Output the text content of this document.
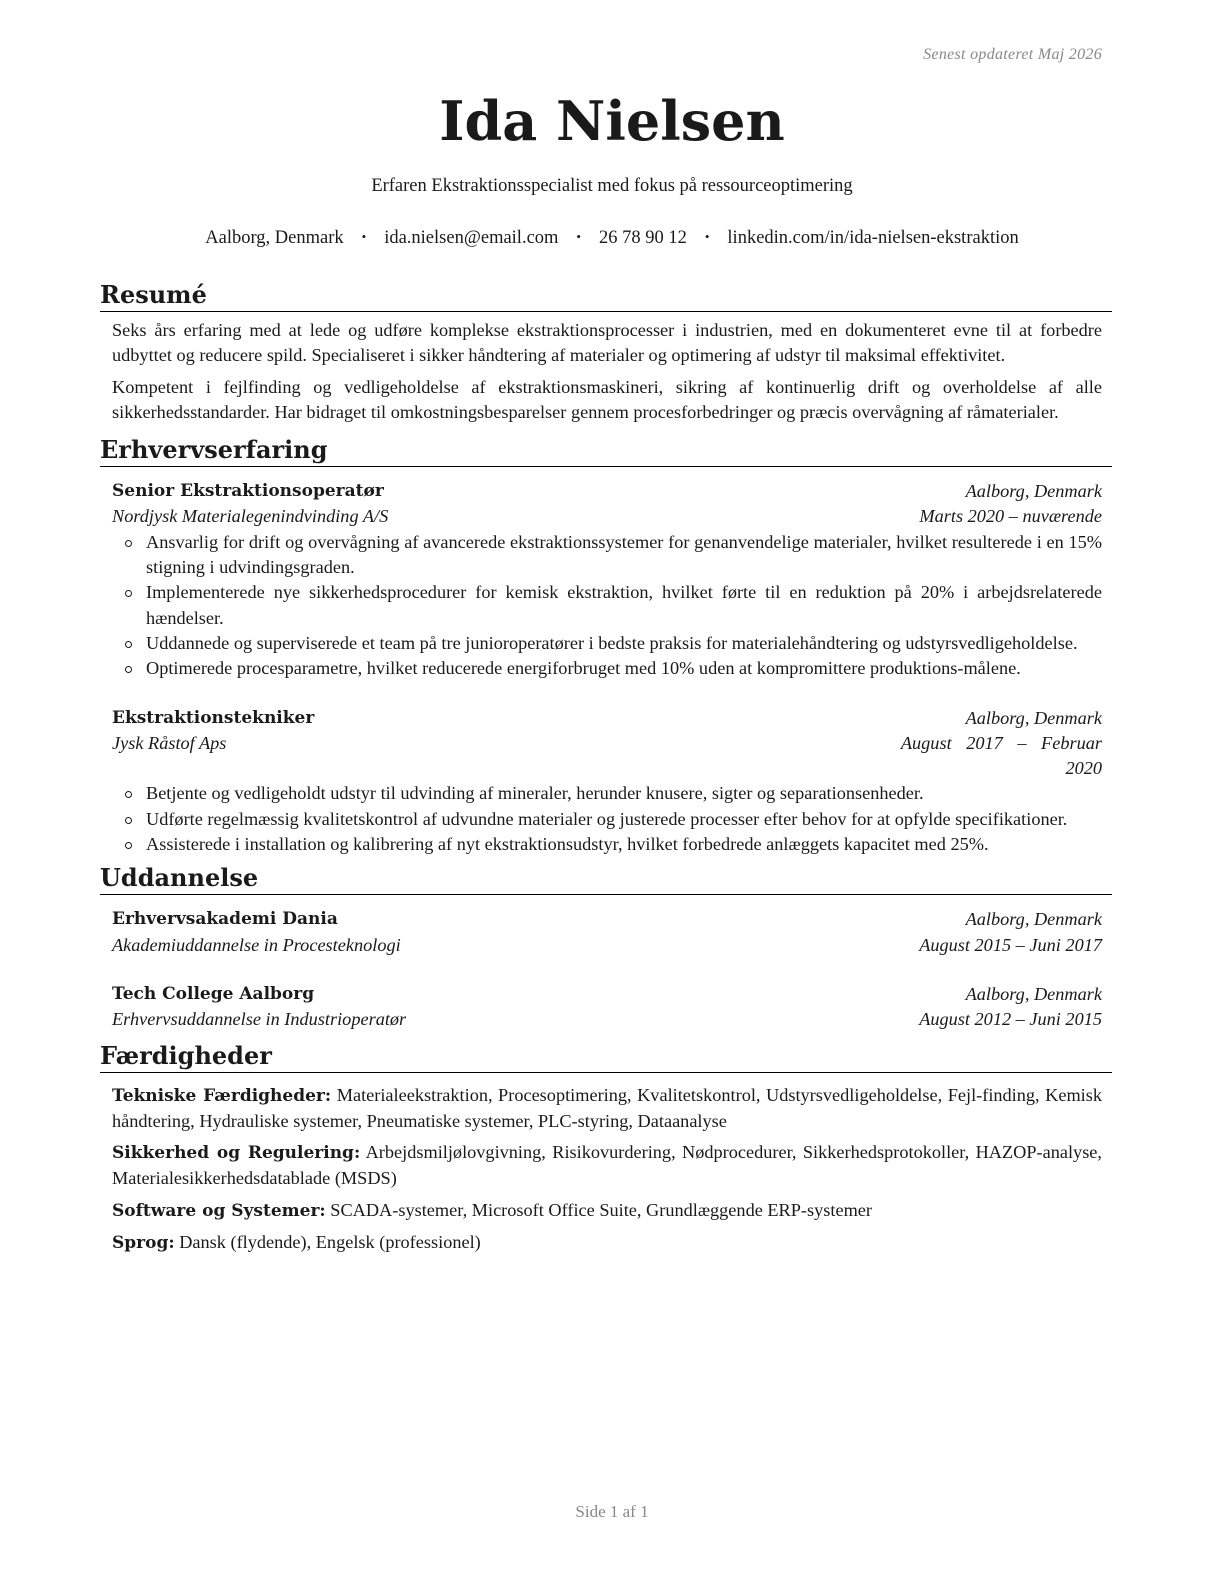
Senest opdateret Maj 2026
Ida Nielsen
Erfaren Ekstraktionsspecialist med fokus på ressourceoptimering
Aalborg, Denmark • ida.nielsen@email.com • 26 78 90 12 • linkedin.com/in/ida-nielsen-ekstraktion
Resumé

Seks års erfaring med at lede og udføre komplekse ekstraktionsprocesser i industrien, med en dokumenteret evne til at forbedre udbyttet og reducere spild. Specialiseret i sikker håndtering af materialer og optimering af udstyr til maksimal effektivitet.

Kompetent i fejlfinding og vedligeholdelse af ekstraktionsmaskineri, sikring af kontinuerlig drift og overholdelse af alle sikkerhedsstandarder. Har bidraget til omkostningsbesparelser gennem procesforbedringer og præcis overvågning af råmaterialer.

Erhvervserfaring
Senior Ekstraktionsoperatør	Aalborg, Denmark
Nordjysk Materialegenindvinding A/S	Marts 2020 – nuværende
Ansvarlig for drift og overvågning af avancerede ekstraktionssystemer for genanvendelige materialer, hvilket resulterede i en 15% stigning i udvindingsgraden.
Implementerede nye sikkerhedsprocedurer for kemisk ekstraktion, hvilket førte til en reduktion på 20% i arbejdsrelaterede hændelser.
Uddannede og superviserede et team på tre junioroperatører i bedste praksis for materialehåndtering og udstyrsvedligeholdelse.
Optimerede procesparametre, hvilket reducerede energiforbruget med 10% uden at kompromittere produktions-målene.
Ekstraktionstekniker	Aalborg, Denmark
Jysk Råstof Aps	August 2017 – Februar
2020
Betjente og vedligeholdt udstyr til udvinding af mineraler, herunder knusere, sigter og separationsenheder.
Udførte regelmæssig kvalitetskontrol af udvundne materialer og justerede processer efter behov for at opfylde specifikationer.
Assisterede i installation og kalibrering af nyt ekstraktionsudstyr, hvilket forbedrede anlæggets kapacitet med 25%.
Uddannelse
Erhvervsakademi Dania	Aalborg, Denmark
Akademiuddannelse in Procesteknologi	August 2015 – Juni 2017
Tech College Aalborg	Aalborg, Denmark
Erhvervsuddannelse in Industrioperatør	August 2012 – Juni 2015
Færdigheder
Tekniske Færdigheder: Materialeekstraktion, Procesoptimering, Kvalitetskontrol, Udstyrsvedligeholdelse, Fejl-finding, Kemisk håndtering, Hydrauliske systemer, Pneumatiske systemer, PLC-styring, Dataanalyse
Sikkerhed og Regulering: Arbejdsmiljølovgivning, Risikovurdering, Nødprocedurer, Sikkerhedsprotokoller, HAZOP-analyse, Materialesikkerhedsdatablade (MSDS)
Software og Systemer: SCADA-systemer, Microsoft Office Suite, Grundlæggende ERP-systemer
Sprog: Dansk (flydende), Engelsk (professionel)
Side 1 af 1
